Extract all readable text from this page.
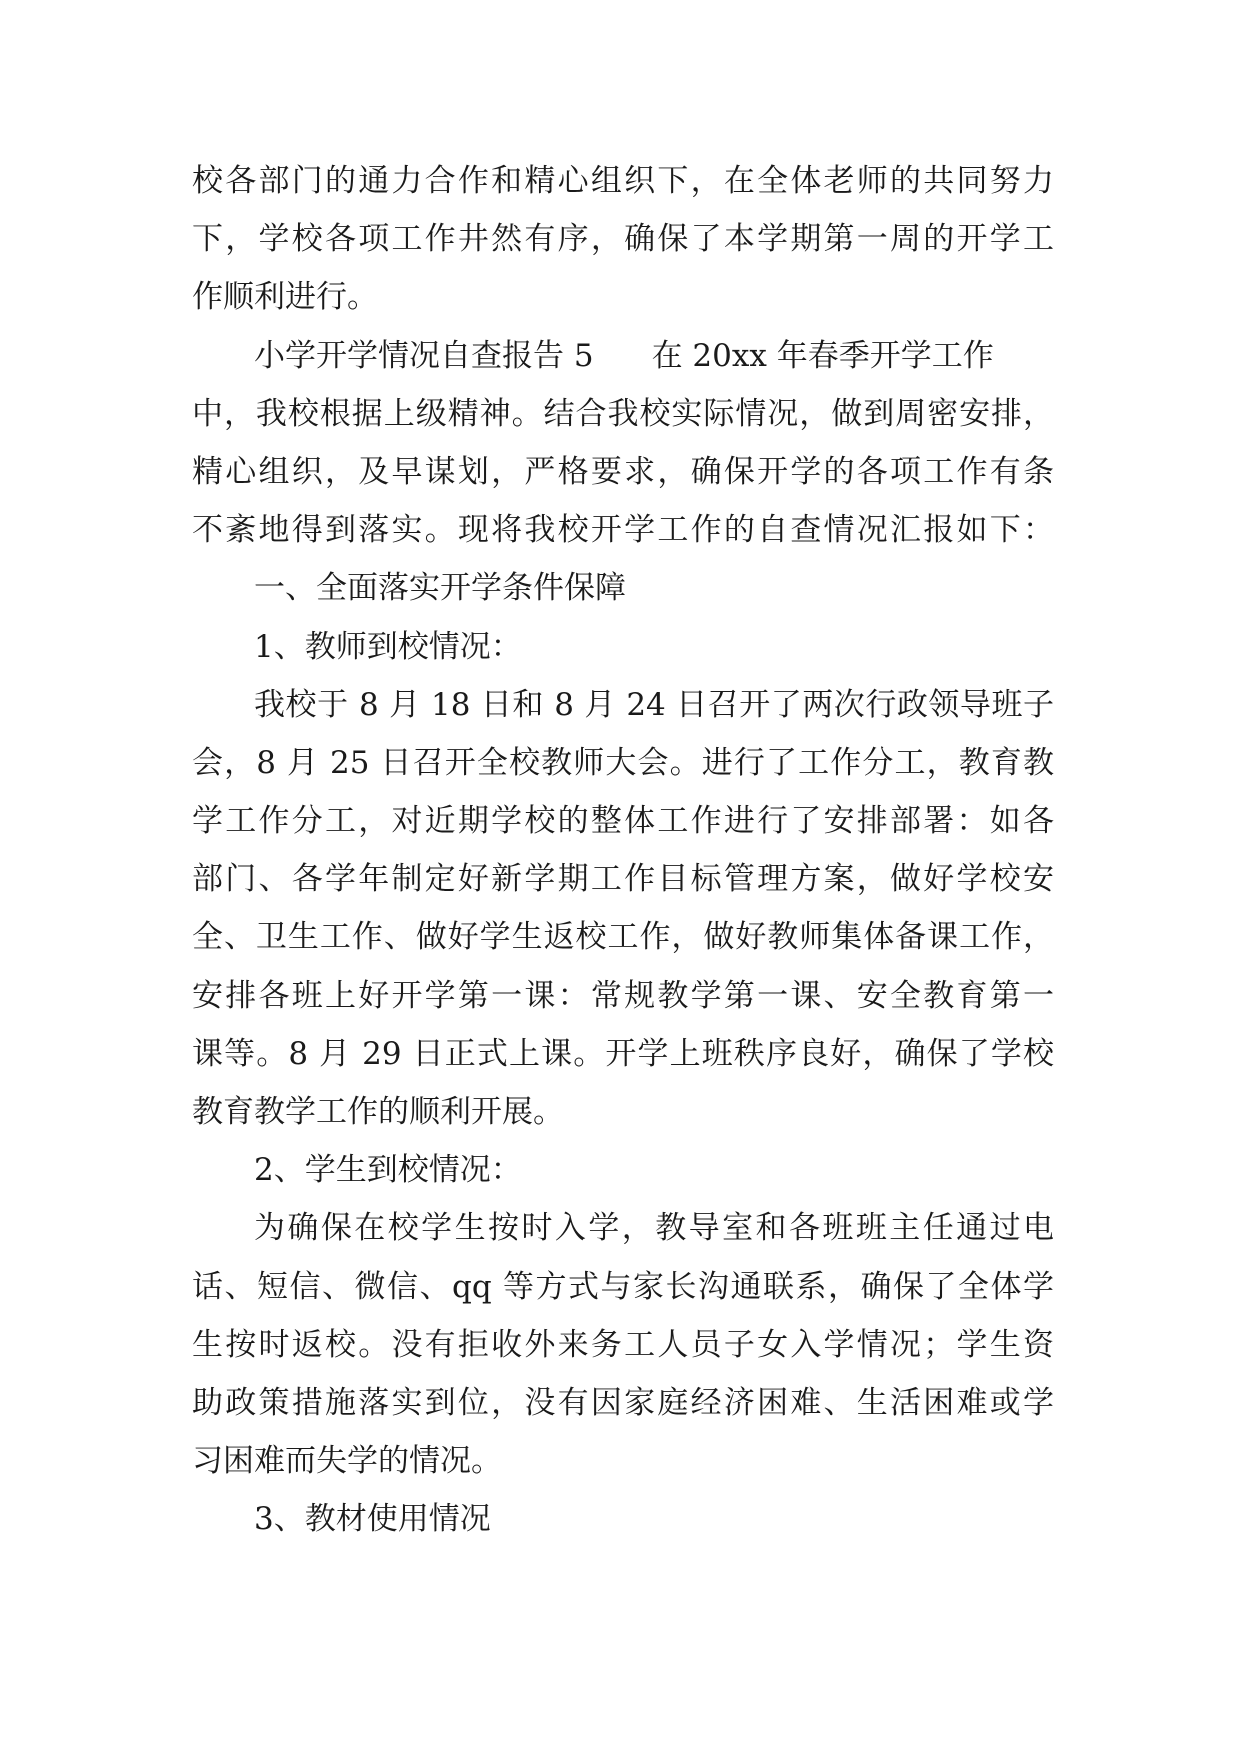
校各部门的通力合作和精心组织下，在全体老师的共同努力
下，学校各项工作井然有序，确保了本学期第一周的开学工
作顺利进行。
小学开学情况自查报告 5 在 20xx 年春季开学工作
中，我校根据上级精神。结合我校实际情况，做到周密安排，
精心组织，及早谋划，严格要求，确保开学的各项工作有条
不紊地得到落实。现将我校开学工作的自查情况汇报如下：
一、全面落实开学条件保障
1、教师到校情况：
我校于 8 月 18 日和 8 月 24 日召开了两次行政领导班子
会，8 月 25 日召开全校教师大会。进行了工作分工，教育教
学工作分工，对近期学校的整体工作进行了安排部署：如各
部门、各学年制定好新学期工作目标管理方案，做好学校安
全、卫生工作、做好学生返校工作，做好教师集体备课工作，
安排各班上好开学第一课：常规教学第一课、安全教育第一
课等。8 月 29 日正式上课。开学上班秩序良好，确保了学校
教育教学工作的顺利开展。
2、学生到校情况：
为确保在校学生按时入学，教导室和各班班主任通过电
话、短信、微信、qq 等方式与家长沟通联系，确保了全体学
生按时返校。没有拒收外来务工人员子女入学情况；学生资
助政策措施落实到位，没有因家庭经济困难、生活困难或学
习困难而失学的情况。
3、教材使用情况
